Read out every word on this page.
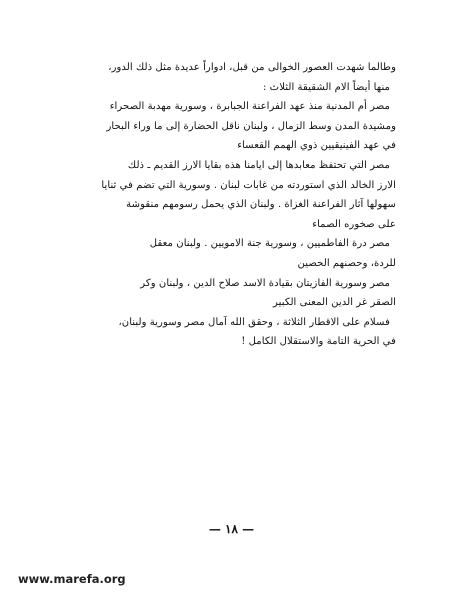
وطالما شهدت العصور الخوالى من قبل، ادواراً عديدة مثل ذلك الدور،
منها أيضاً الام الشقيقة الثلاث :
مصر أم المدنية منذ عهد الفراعنة الجبابرة ، وسورية مهدبة الصحراء
ومشيدة المدن وسط الزمال ، ولبنان ناقل الحضارة إلى ما وراء البحار
في عهد الفينيقيين ذوي الهمم القعساء
مصر التي تحتفظ معابدها إلى ايامنا هذه بقايا الارز القديم ـ ذلك
الارز الخالد الذي استوردته من غابات لبنان . وسورية التي تضم في ثنايا
سهولها آثار الفراعنة الغزاة . ولبنان الذي يحمل رسومهم منقوشة
على صخوره الصماء
مصر درة الفاطميين ، وسورية جنة الامويين . ولبنان معقل
للردة، وحصنهم الحصين
مصر وسورية الفازيتان بقيادة الاسد صلاح الدين ، ولبنان وكر
الصقر غر الدين المعنى الكبير
فسلام على الاقطار الثلاثة ، وحقق الله آمال مصر وسورية ولبنان،
في الحرية التامة والاستقلال الكامل !
— ١٨ —
www.marefa.org
